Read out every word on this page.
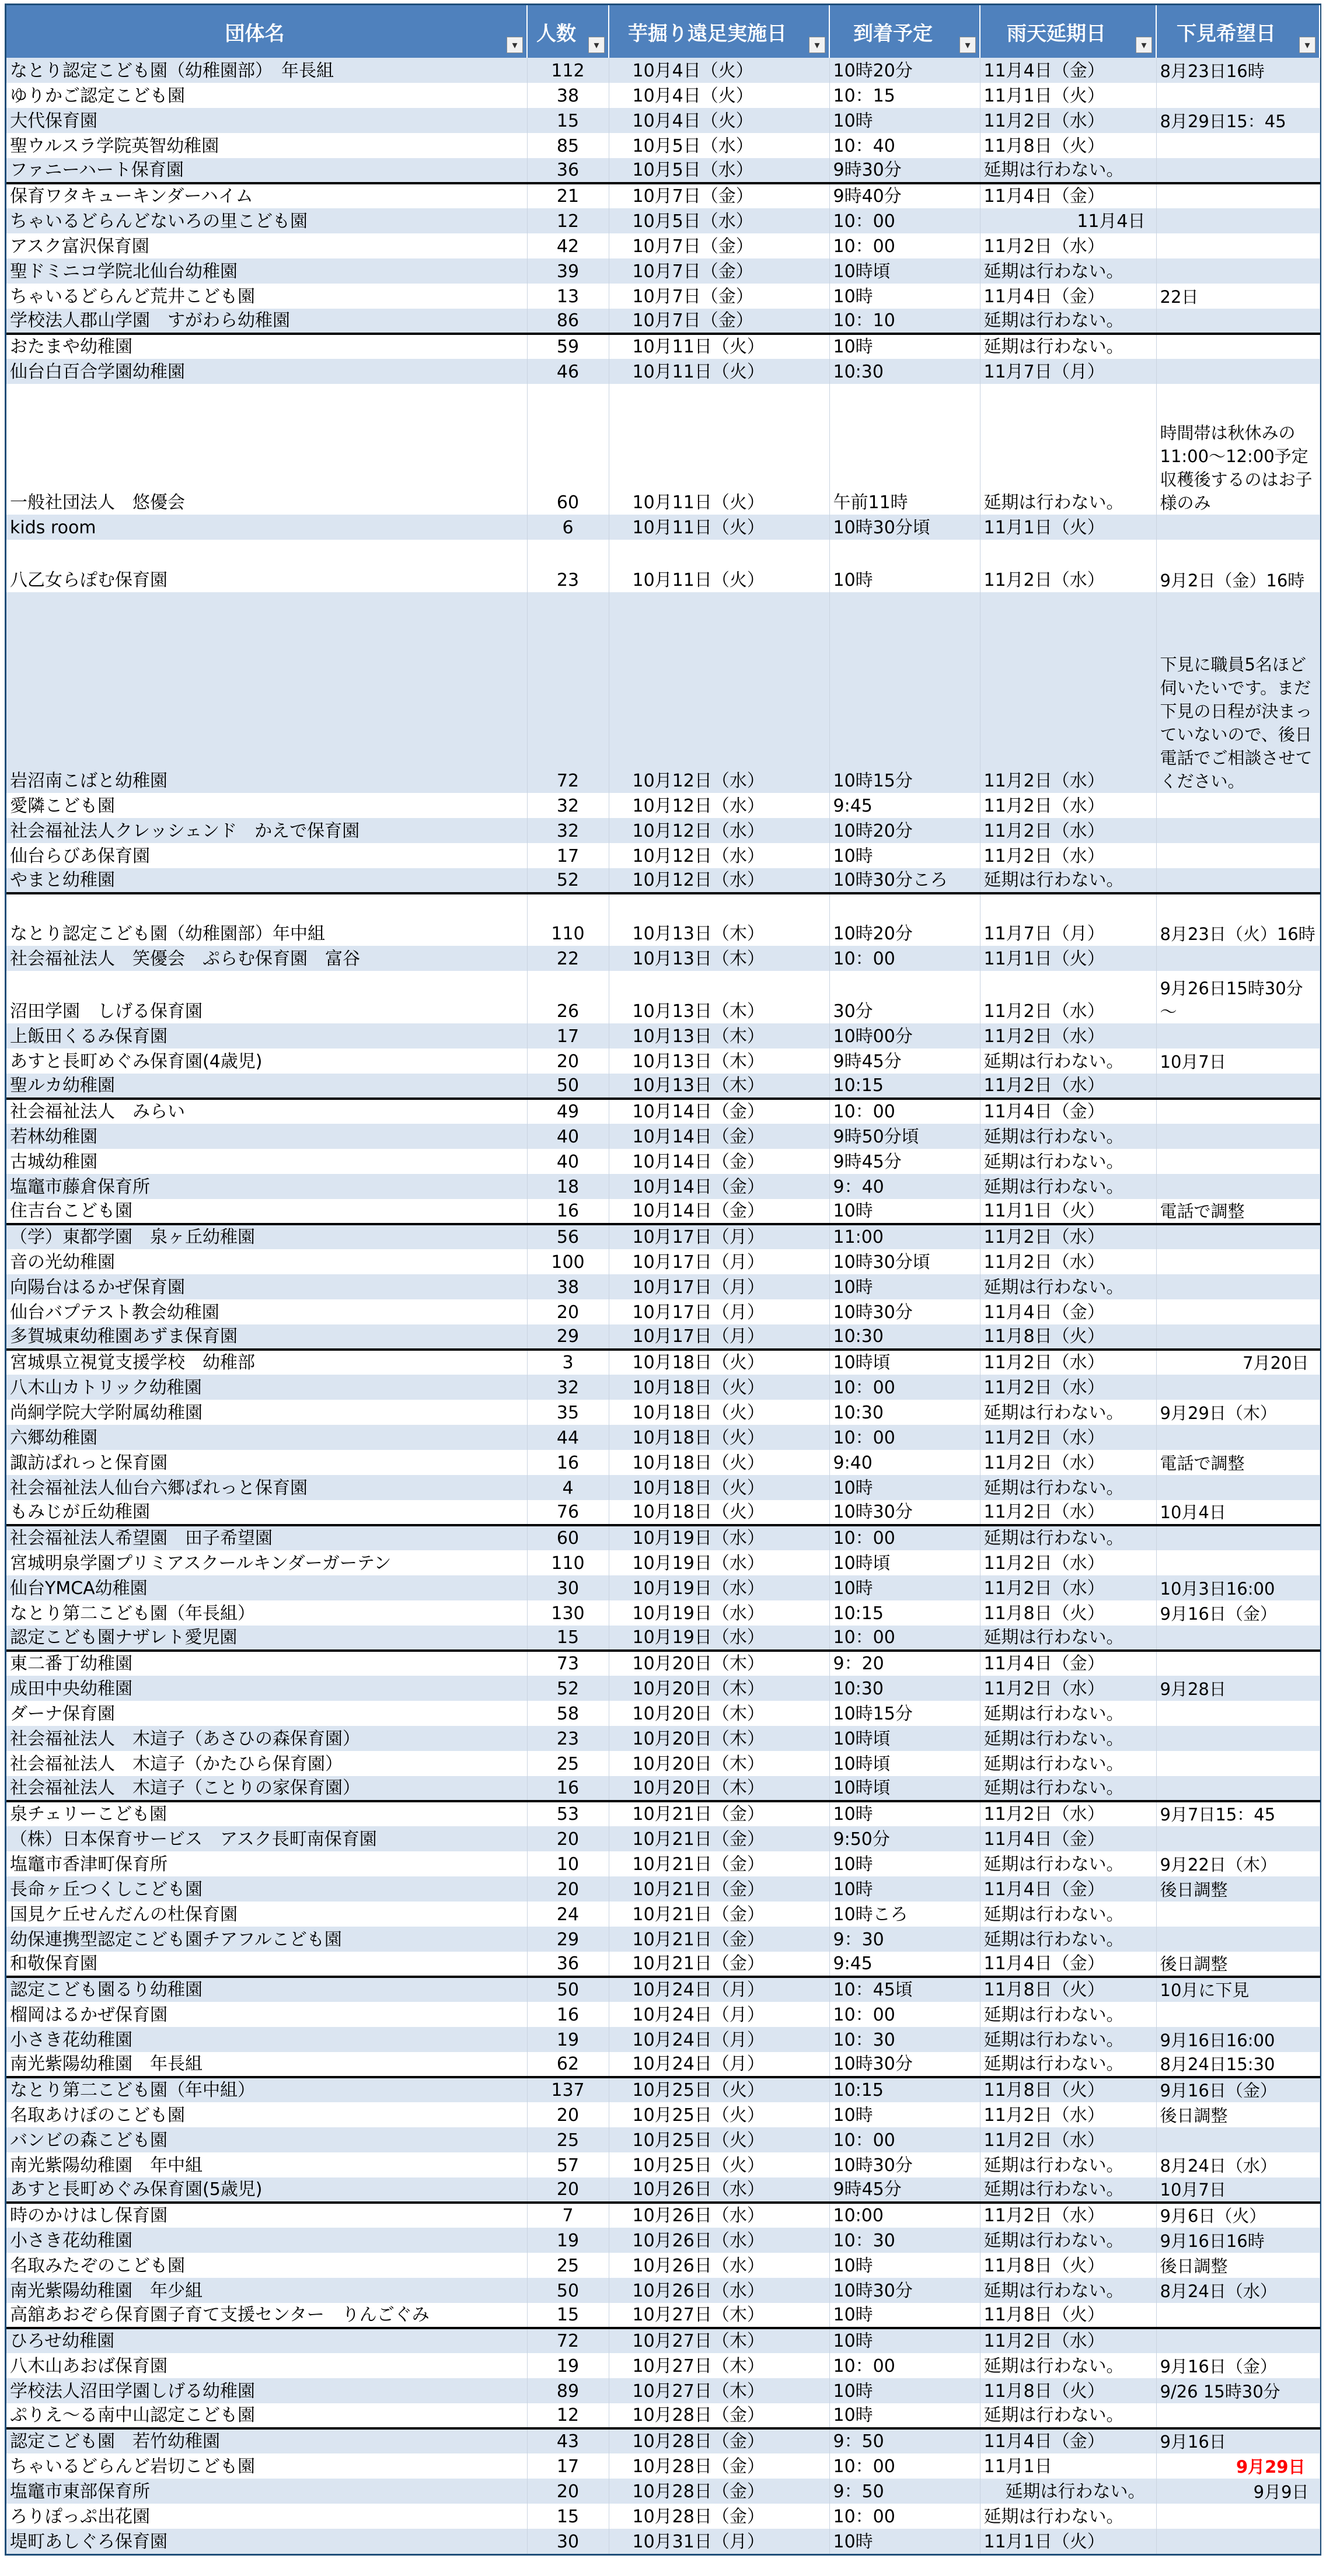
団体名 ▾	人数 ▾	芋掘り遠足実施日 ▾	到着予定 ▾	雨天延期日 ▾	下見希望日 ▾

なとり認定こども園（幼稚園部）　年長組	112	10月4日（火）	10時20分	11月4日（金）	8月23日16時
ゆりかご認定こども園	38	10月4日（火）	10：15	11月1日（火）	
大代保育園	15	10月4日（火）	10時	11月2日（水）	8月29日15：45
聖ウルスラ学院英智幼稚園	85	10月5日（水）	10：40	11月8日（火）	
ファニーハート保育園	36	10月5日（水）	9時30分	延期は行わない。	
保育ワタキューキンダーハイム	21	10月7日（金）	9時40分	11月4日（金）	
ちゃいるどらんどないろの里こども園	12	10月5日（水）	10：00	11月4日	
アスク富沢保育園	42	10月7日（金）	10：00	11月2日（水）	
聖ドミニコ学院北仙台幼稚園	39	10月7日（金）	10時頃	延期は行わない。	
ちゃいるどらんど荒井こども園	13	10月7日（金）	10時	11月4日（金）	22日
学校法人郡山学園　すがわら幼稚園	86	10月7日（金）	10：10	延期は行わない。	
おたまや幼稚園	59	10月11日（火）	10時	延期は行わない。	
仙台白百合学園幼稚園	46	10月11日（火）	10:30	11月7日（月）	
一般社団法人　悠優会	60	10月11日（火）	午前11時	延期は行わない。	時間帯は秋休みの11:00～12:00予定　収穫後するのはお子様のみ
kids room	6	10月11日（火）	10時30分頃	11月1日（火）	
八乙女らぽむ保育園	23	10月11日（火）	10時	11月2日（水）	9月2日（金）16時
岩沼南こばと幼稚園	72	10月12日（水）	10時15分	11月2日（水）	下見に職員5名ほど伺いたいです。まだ下見の日程が決まっていないので、後日電話でご相談させてください。
愛隣こども園	32	10月12日（水）	9:45	11月2日（水）	
社会福祉法人クレッシェンド　かえで保育園	32	10月12日（水）	10時20分	11月2日（水）	
仙台らびあ保育園	17	10月12日（水）	10時	11月2日（水）	
やまと幼稚園	52	10月12日（水）	10時30分ころ	延期は行わない。	
なとり認定こども園（幼稚園部）年中組	110	10月13日（木）	10時20分	11月7日（月）	8月23日（火）16時
社会福祉法人　笑優会　ぷらむ保育園　富谷	22	10月13日（木）	10：00	11月1日（火）	
沼田学園　しげる保育園	26	10月13日（木）	30分	11月2日（水）	9月26日15時30分～
上飯田くるみ保育園	17	10月13日（木）	10時00分	11月2日（水）	
あすと長町めぐみ保育園(4歳児)	20	10月13日（木）	9時45分	延期は行わない。	10月7日
聖ルカ幼稚園	50	10月13日（木）	10:15	11月2日（水）	
社会福祉法人　みらい	49	10月14日（金）	10：00	11月4日（金）	
若林幼稚園	40	10月14日（金）	9時50分頃	延期は行わない。	
古城幼稚園	40	10月14日（金）	9時45分	延期は行わない。	
塩竈市藤倉保育所	18	10月14日（金）	9：40	延期は行わない。	
住吉台こども園	16	10月14日（金）	10時	11月1日（火）	電話で調整
（学）東都学園　泉ヶ丘幼稚園	56	10月17日（月）	11:00	11月2日（水）	
音の光幼稚園	100	10月17日（月）	10時30分頃	11月2日（水）	
向陽台はるかぜ保育園	38	10月17日（月）	10時	延期は行わない。	
仙台バプテスト教会幼稚園	20	10月17日（月）	10時30分	11月4日（金）	
多賀城東幼稚園あずま保育園	29	10月17日（月）	10:30	11月8日（火）	
宮城県立視覚支援学校　幼稚部	3	10月18日（火）	10時頃	11月2日（水）	7月20日
八木山カトリック幼稚園	32	10月18日（火）	10：00	11月2日（水）	
尚絅学院大学附属幼稚園	35	10月18日（火）	10:30	延期は行わない。	9月29日（木）
六郷幼稚園	44	10月18日（火）	10：00	11月2日（水）	
諏訪ぱれっと保育園	16	10月18日（火）	9:40	11月2日（水）	電話で調整
社会福祉法人仙台六郷ぱれっと保育園	4	10月18日（火）	10時	延期は行わない。	
もみじが丘幼稚園	76	10月18日（火）	10時30分	11月2日（水）	10月4日
社会福祉法人希望園　田子希望園	60	10月19日（水）	10：00	延期は行わない。	
宮城明泉学園プリミアスクールキンダーガーテン	110	10月19日（水）	10時頃	11月2日（水）	
仙台YMCA幼稚園	30	10月19日（水）	10時	11月2日（水）	10月3日16:00
なとり第二こども園（年長組）	130	10月19日（水）	10:15	11月8日（火）	9月16日（金）
認定こども園ナザレト愛児園	15	10月19日（水）	10：00	延期は行わない。	
東二番丁幼稚園	73	10月20日（木）	9：20	11月4日（金）	
成田中央幼稚園	52	10月20日（木）	10:30	11月2日（水）	9月28日
ダーナ保育園	58	10月20日（木）	10時15分	延期は行わない。	
社会福祉法人　木這子（あさひの森保育園）	23	10月20日（木）	10時頃	延期は行わない。	
社会福祉法人　木這子（かたひら保育園）	25	10月20日（木）	10時頃	延期は行わない。	
社会福祉法人　木這子（ことりの家保育園）	16	10月20日（木）	10時頃	延期は行わない。	
泉チェリーこども園	53	10月21日（金）	10時	11月2日（水）	9月7日15：45
（株）日本保育サービス　アスク長町南保育園	20	10月21日（金）	9:50分	11月4日（金）	
塩竈市香津町保育所	10	10月21日（金）	10時	延期は行わない。	9月22日（木）
長命ヶ丘つくしこども園	20	10月21日（金）	10時	11月4日（金）	後日調整
国見ケ丘せんだんの杜保育園	24	10月21日（金）	10時ころ	延期は行わない。	
幼保連携型認定こども園チアフルこども園	29	10月21日（金）	9：30	延期は行わない。	
和敬保育園	36	10月21日（金）	9:45	11月4日（金）	後日調整
認定こども園るり幼稚園	50	10月24日（月）	10：45頃	11月8日（火）	10月に下見
榴岡はるかぜ保育園	16	10月24日（月）	10：00	延期は行わない。	
小さき花幼稚園	19	10月24日（月）	10：30	延期は行わない。	9月16日16:00
南光紫陽幼稚園　年長組	62	10月24日（月）	10時30分	延期は行わない。	8月24日15:30
なとり第二こども園（年中組）	137	10月25日（火）	10:15	11月8日（火）	9月16日（金）
名取あけぼのこども園	20	10月25日（火）	10時	11月2日（水）	後日調整
バンビの森こども園	25	10月25日（火）	10：00	11月2日（水）	
南光紫陽幼稚園　年中組	57	10月25日（火）	10時30分	延期は行わない。	8月24日（水）
あすと長町めぐみ保育園(5歳児)	20	10月26日（水）	9時45分	延期は行わない。	10月7日
時のかけはし保育園	7	10月26日（水）	10:00	11月2日（水）	9月6日（火）
小さき花幼稚園	19	10月26日（水）	10：30	延期は行わない。	9月16日16時
名取みたぞのこども園	25	10月26日（水）	10時	11月8日（火）	後日調整
南光紫陽幼稚園　年少組	50	10月26日（水）	10時30分	延期は行わない。	8月24日（水）
高舘あおぞら保育園子育て支援センター　りんごぐみ	15	10月27日（木）	10時	11月8日（火）	
ひろせ幼稚園	72	10月27日（木）	10時	11月2日（水）	
八木山あおば保育園	19	10月27日（木）	10：00	延期は行わない。	9月16日（金）
学校法人沼田学園しげる幼稚園	89	10月27日（木）	10時	11月8日（火）	9/26 15時30分
ぷりえ～る南中山認定こども園	12	10月28日（金）	10時	延期は行わない。	
認定こども園　若竹幼稚園	43	10月28日（金）	9：50	11月4日（金）	9月16日
ちゃいるどらんど岩切こども園	17	10月28日（金）	10：00	11月1日	9月29日
塩竈市東部保育所	20	10月28日（金）	9：50	延期は行わない。	9月9日
ろりぽっぷ出花園	15	10月28日（金）	10：00	延期は行わない。	
堤町あしぐろ保育園	30	10月31日（月）	10時	11月1日（火）	
